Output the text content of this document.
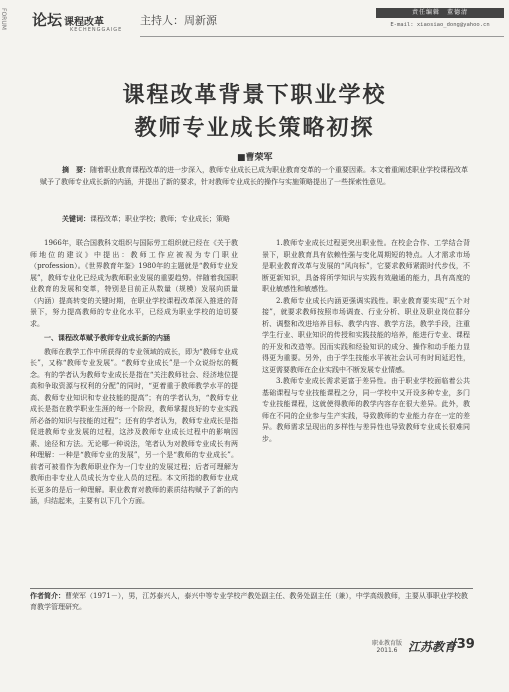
FORUM 论坛 课程改革
KECHENGGAIGE
主持人：周新源
责任编辑　董德清
E-mail: xiaosiao_dong@yahoo.cn
课程改革背景下职业学校
教师专业成长策略初探
■曹荣军
摘　要：随着职业教育课程改革的进一步深入，教师专业成长已成为职业教育变革的一个重要因素。本文着重阐述职业学校课程改革赋予了教师专业成长新的内涵，并提出了新的要求，针对教师专业成长的操作与实施策略提出了一些探索性意见。
关键词：课程改革；职业学校；教师；专业成长；策略

1966年，联合国教科文组织与国际劳工组织就已经在《关于教师地位的建议》中提出：教师工作应被视为专门职业（profession）。《世界教育年鉴》1980年的主题就是“教师专业发展”，教师专业化已经成为教师职业发展的重要趋势。伴随着我国职业教育的发展和变革，特别是目前正从数量（规模）发展向质量（内涵）提高转变的关键时期，在职业学校课程改革深入推进的背景下，努力提高教师的专业化水平，已经成为职业学校的迫切要求。

一、课程改革赋予教师专业成长新的内涵

教师在教学工作中所获得的专业领域的成长，即为“教师专业成长”，又称“教师专业发展”。“教师专业成长”是一个众说纷纭的概念。有的学者认为教师专业成长是指在“关注教师社会、经济地位提高和争取资源与权利的分配”的同时，“更着重于教师教学水平的提高、教师专业知识和专业技能的提高”；有的学者认为，“教师专业成长是指在教学职业生涯的每一个阶段，教师掌握良好的专业实践所必备的知识与技能的过程”；还有的学者认为，教师专业成长是指促进教师专业发展的过程，这涉及教师专业成长过程中的影响因素、途径和方法。无论哪一种说法，笔者认为对教师专业成长有两种理解：一种是“教师专业的发展”，另一个是“教师的专业成长”。前者可被看作为教师职业作为一门专业的发展过程；后者可理解为教师由非专业人员成长为专业人员的过程。本文所指的教师专业成长更多的是后一种理解。职业教育对教师的素质结构赋予了新的内涵，归结起来，主要有以下几个方面。

1.教师专业成长过程更突出职业性。在校企合作、工学结合背景下，职业教育具有依赖性强与变化周期短的特点。人才需求市场是职业教育改革与发展的“风向标”，它要求教师紧跟时代步伐，不断更新知识，具备将所学知识与实践有效融通的能力，具有高度的职业敏感性和敏感性。

2.教师专业成长内涵更强调实践性。职业教育要实现“五个对接”，就要求教师按照市场调查、行业分析、职业及职业岗位群分析、调整和改进培养目标、教学内容、教学方法，教学手段，注重学生行业、职业知识的传授和实践技能的培养，能进行专业、课程的开发和改造等。因而实践和经验知识的成分、操作和动手能力显得更为重要。另外，由于学生技能水平被社会认可有时间延迟性，这更需要教师在企业实践中不断发展专业情感。

3.教师专业成长需求更富于差异性。由于职业学校面临着公共基础课程与专业技能课程之分，同一学校中又开设多种专业，多门专业技能课程，这就使得教师的教学内容存在很大差异。此外，教师在不同的企业参与生产实践，导致教师的专业能力存在一定的差异。教师需求呈现出的多样性与差异性也导致教师专业成长很难同步。

作者简介：曹荣军（1971－），男，江苏泰兴人，泰兴中等专业学校产教处副主任、教务处副主任（兼），中学高级教师，主要从事职业学校教育教学管理研究。
职业教育版
2011.6 江苏教育
/39
